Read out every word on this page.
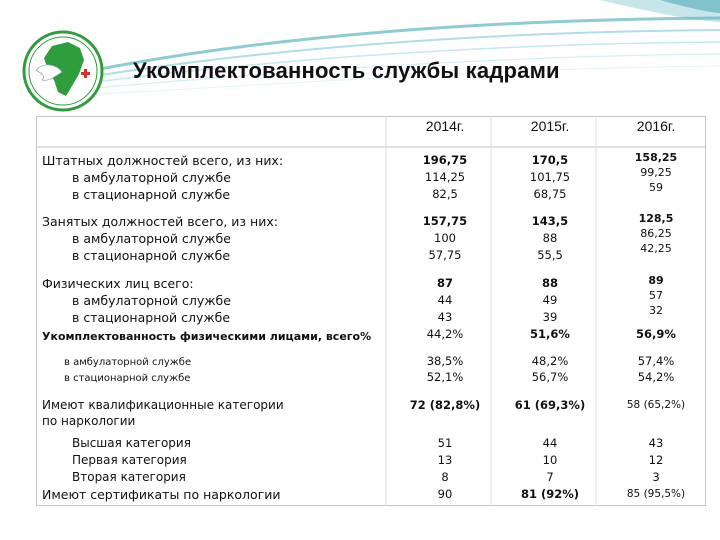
Укомплектованность службы кадрами
2014г.	2015г.	2016г.
Штатных должностей всего, из них:
в амбулаторной службе
в стационарной службе
Занятых должностей всего, из них:
в амбулаторной службе
в стационарной службе
Физических лиц всего:
в амбулаторной службе
в стационарной службе
Укомплектованность физическими лицами, всего%
в амбулаторной службе
в стационарной службе
Имеют квалификационные категории
по наркологии
Высшая категория
Первая категория
Вторая категория
Имеют сертификаты по наркологии
196,75
114,25
82,5
157,75
100
57,75
87
44
43
44,2%
38,5%
52,1%
72 (82,8%)
51
13
8
90
170,5
101,75
68,75
143,5
88
55,5
88
49
39
51,6%
48,2%
56,7%
61 (69,3%)
44
10
7
81 (92%)
158,25
99,25
59
128,5
86,25
42,25
89
57
32
56,9%
57,4%
54,2%
58 (65,2%)
43
12
3
85 (95,5%)
